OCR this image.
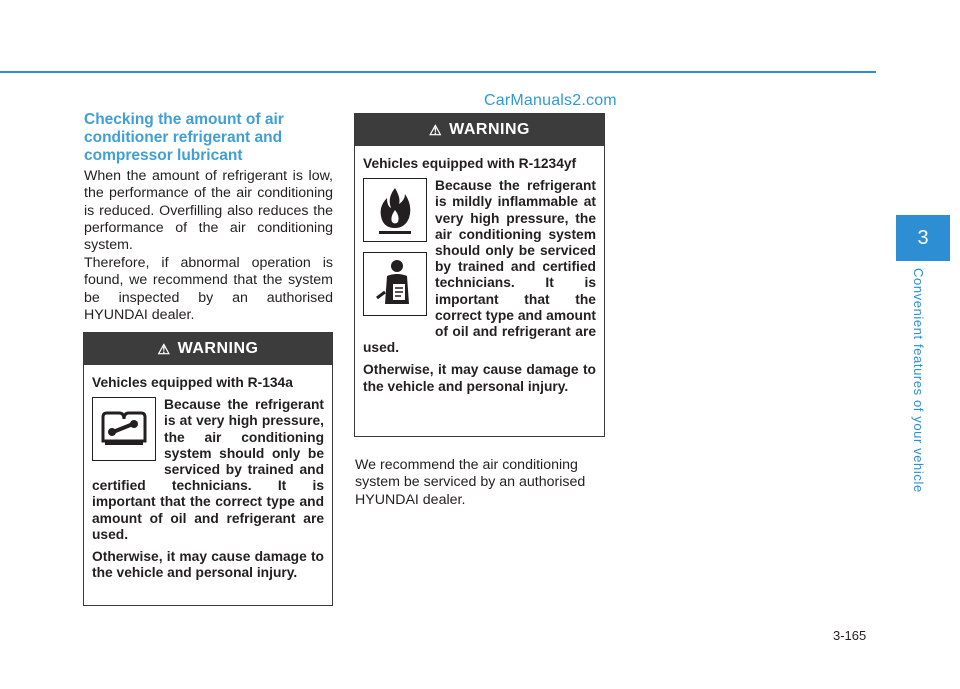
CarManuals2.com
Checking the amount of air conditioner refrigerant and compressor lubricant

When the amount of refrigerant is low, the performance of the air conditioning is reduced. Overfilling also reduces the performance of the air conditioning system.

Therefore, if abnormal operation is found, we recommend that the system be inspected by an authorised HYUNDAI dealer.

⚠ WARNING

Vehicles equipped with R-134a

Because the refrigerant is at very high pressure, the air conditioning system should only be serviced by trained and certified technicians. It is important that the correct type and amount of oil and refrigerant are used.

Otherwise, it may cause damage to the vehicle and personal injury.

⚠ WARNING

Vehicles equipped with R-1234yf

Because the refrigerant is mildly inflammable at very high pressure, the air conditioning system should only be serviced by trained and certified technicians. It is important that the correct type and amount of oil and refrigerant are used.

Otherwise, it may cause damage to the vehicle and personal injury.

We recommend the air conditioning system be serviced by an authorised HYUNDAI dealer.

3
Convenient features of your vehicle
3-165
